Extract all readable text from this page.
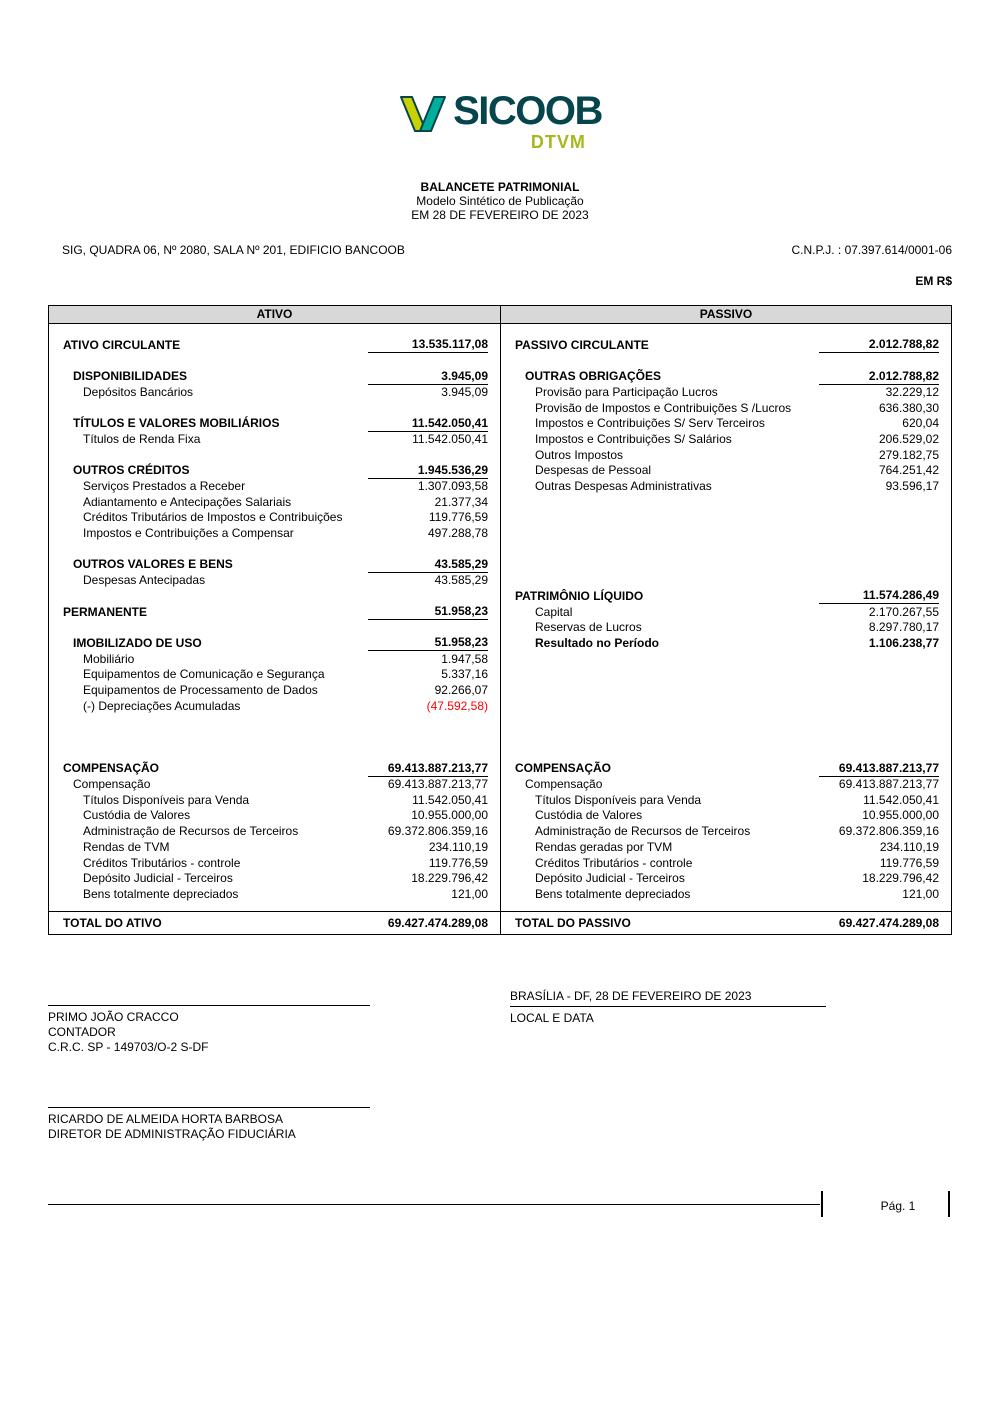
SICOOB
DTVM
BALANCETE PATRIMONIAL
Modelo Sintético de Publicação
EM 28 DE FEVEREIRO DE 2023
SIG, QUADRA 06, Nº 2080, SALA Nº 201, EDIFICIO BANCOOB	C.N.P.J. : 07.397.614/0001-06
EM R$
ATIVO	PASSIVO
ATIVO CIRCULANTE	13.535.117,08
DISPONIBILIDADES	3.945,09
Depósitos Bancários	3.945,09
TÍTULOS E VALORES MOBILIÁRIOS	11.542.050,41
Títulos de Renda Fixa	11.542.050,41
OUTROS CRÉDITOS	1.945.536,29
Serviços Prestados a Receber	1.307.093,58
Adiantamento e Antecipações Salariais	21.377,34
Créditos Tributários de Impostos e Contribuições	119.776,59
Impostos e Contribuições a Compensar	497.288,78
OUTROS VALORES E BENS	43.585,29
Despesas Antecipadas	43.585,29
PERMANENTE	51.958,23
IMOBILIZADO DE USO	51.958,23
Mobiliário	1.947,58
Equipamentos de Comunicação e Segurança	5.337,16
Equipamentos de Processamento de Dados	92.266,07
(-) Depreciações Acumuladas	(47.592,58)
COMPENSAÇÃO	69.413.887.213,77
Compensação	69.413.887.213,77
Títulos Disponíveis para Venda	11.542.050,41
Custódia de Valores	10.955.000,00
Administração de Recursos de Terceiros	69.372.806.359,16
Rendas de TVM	234.110,19
Créditos Tributários - controle	119.776,59
Depósito Judicial - Terceiros	18.229.796,42
Bens totalmente depreciados	121,00
PASSIVO CIRCULANTE	2.012.788,82
OUTRAS OBRIGAÇÕES	2.012.788,82
Provisão para Participação Lucros	32.229,12
Provisão de Impostos e Contribuições S /Lucros	636.380,30
Impostos e Contribuições S/ Serv Terceiros	620,04
Impostos e Contribuições S/ Salários	206.529,02
Outros Impostos	279.182,75
Despesas de Pessoal	764.251,42
Outras Despesas Administrativas	93.596,17
PATRIMÔNIO LÍQUIDO	11.574.286,49
Capital	2.170.267,55
Reservas de Lucros	8.297.780,17
Resultado no Período	1.106.238,77
COMPENSAÇÃO	69.413.887.213,77
Compensação	69.413.887.213,77
Títulos Disponíveis para Venda	11.542.050,41
Custódia de Valores	10.955.000,00
Administração de Recursos de Terceiros	69.372.806.359,16
Rendas geradas por TVM	234.110,19
Créditos Tributários - controle	119.776,59
Depósito Judicial - Terceiros	18.229.796,42
Bens totalmente depreciados	121,00
TOTAL DO ATIVO	69.427.474.289,08 TOTAL DO PASSIVO	69.427.474.289,08
BRASÍLIA - DF, 28 DE FEVEREIRO DE 2023
LOCAL E DATA
PRIMO JOÃO CRACCO
CONTADOR
C.R.C. SP - 149703/O-2 S-DF
RICARDO DE ALMEIDA HORTA BARBOSA
DIRETOR DE ADMINISTRAÇÃO FIDUCIÁRIA
Pág. 1
